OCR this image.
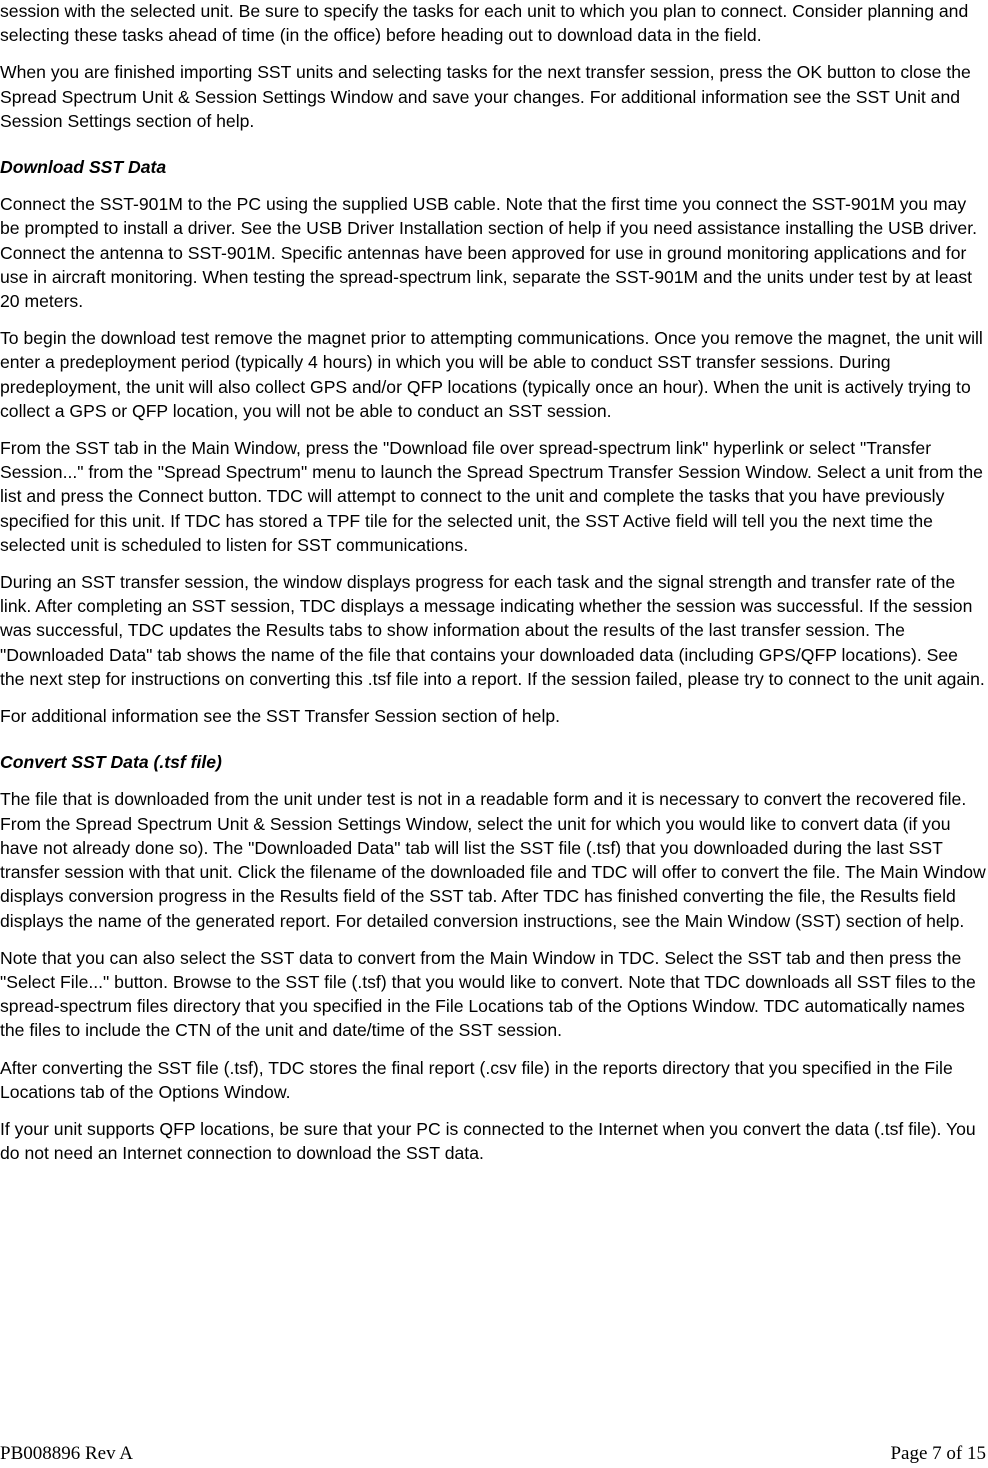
session with the selected unit. Be sure to specify the tasks for each unit to which you plan to connect. Consider planning and selecting these tasks ahead of time (in the office) before heading out to download data in the field.

When you are finished importing SST units and selecting tasks for the next transfer session, press the OK button to close the Spread Spectrum Unit & Session Settings Window and save your changes. For additional information see the SST Unit and Session Settings section of help.

Download SST Data

Connect the SST-901M to the PC using the supplied USB cable. Note that the first time you connect the SST-901M you may be prompted to install a driver. See the USB Driver Installation section of help if you need assistance installing the USB driver. Connect the antenna to SST-901M. Specific antennas have been approved for use in ground monitoring applications and for use in aircraft monitoring. When testing the spread-spectrum link, separate the SST-901M and the units under test by at least 20 meters.

To begin the download test remove the magnet prior to attempting communications. Once you remove the magnet, the unit will enter a predeployment period (typically 4 hours) in which you will be able to conduct SST transfer sessions. During predeployment, the unit will also collect GPS and/or QFP locations (typically once an hour). When the unit is actively trying to collect a GPS or QFP location, you will not be able to conduct an SST session.

From the SST tab in the Main Window, press the "Download file over spread-spectrum link" hyperlink or select "Transfer Session..." from the "Spread Spectrum" menu to launch the Spread Spectrum Transfer Session Window. Select a unit from the list and press the Connect button. TDC will attempt to connect to the unit and complete the tasks that you have previously specified for this unit. If TDC has stored a TPF tile for the selected unit, the SST Active field will tell you the next time the selected unit is scheduled to listen for SST communications.

During an SST transfer session, the window displays progress for each task and the signal strength and transfer rate of the link. After completing an SST session, TDC displays a message indicating whether the session was successful. If the session was successful, TDC updates the Results tabs to show information about the results of the last transfer session. The "Downloaded Data" tab shows the name of the file that contains your downloaded data (including GPS/QFP locations). See the next step for instructions on converting this .tsf file into a report. If the session failed, please try to connect to the unit again.

For additional information see the SST Transfer Session section of help.

Convert SST Data (.tsf file)

The file that is downloaded from the unit under test is not in a readable form and it is necessary to convert the recovered file. From the Spread Spectrum Unit & Session Settings Window, select the unit for which you would like to convert data (if you have not already done so). The "Downloaded Data" tab will list the SST file (.tsf) that you downloaded during the last SST transfer session with that unit. Click the filename of the downloaded file and TDC will offer to convert the file. The Main Window displays conversion progress in the Results field of the SST tab. After TDC has finished converting the file, the Results field displays the name of the generated report. For detailed conversion instructions, see the Main Window (SST) section of help.

Note that you can also select the SST data to convert from the Main Window in TDC. Select the SST tab and then press the "Select File..." button. Browse to the SST file (.tsf) that you would like to convert. Note that TDC downloads all SST files to the spread-spectrum files directory that you specified in the File Locations tab of the Options Window. TDC automatically names the files to include the CTN of the unit and date/time of the SST session.

After converting the SST file (.tsf), TDC stores the final report (.csv file) in the reports directory that you specified in the File Locations tab of the Options Window.

If your unit supports QFP locations, be sure that your PC is connected to the Internet when you convert the data (.tsf file). You do not need an Internet connection to download the SST data.

PB008896 Rev A	Page 7 of 15
